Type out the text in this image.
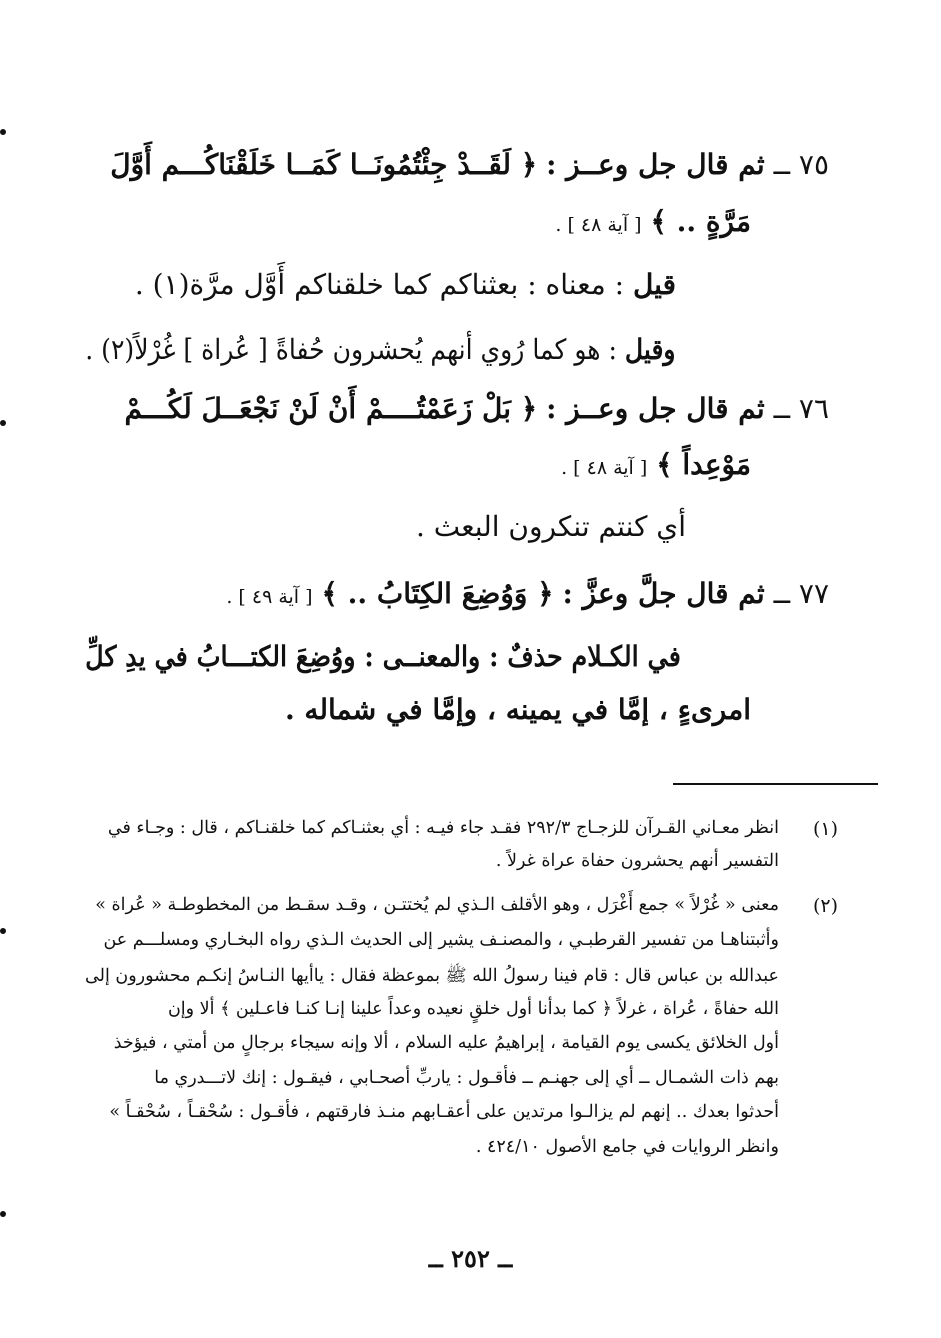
٧٥ ــ ثم قال جل وعــز : ﴿ لَقَــدْ جِئْتُمُونَــا كَمَــا خَلَقْنَاكُـــم أَوَّلَ
مَرَّةٍ .. ﴾ [ آية ٤٨ ] .
قيل : معناه : بعثناكم كما خلقناكم أَوَّل مرَّة(١) .
وقيل : هو كما رُوي أنهم يُحشرون حُفاةً [ عُراة ] غُرْلاً(٢) .
٧٦ ــ ثم قال جل وعــز : ﴿ بَلْ زَعَمْتُــــمْ أَنْ لَنْ نَجْعَــلَ لَكُـــمْ
مَوْعِداً ﴾ [ آية ٤٨ ] .
أي كنتم تنكرون البعث .
٧٧ ــ ثم قال جلَّ وعزَّ : ﴿ وَوُضِعَ الكِتَابُ .. ﴾ [ آية ٤٩ ] .
في الكـلام حذفٌ : والمعنــى : ووُضِعَ الكتـــابُ في يدِ كلِّ
امرىءٍ ، إمَّا في يمينه ، وإمَّا في شماله .
(١)
انظر معـاني القـرآن للزجـاج ٢٩٢/٣ فقـد جاء فيـه : أي بعثنـاكم كما خلقنـاكم ، قال : وجـاء في
التفسير أنهم يحشرون حفاة عراة غرلاً .
(٢)
معنى « غُرْلاً » جمع أَغْرَل ، وهو الأقلف الـذي لم يُختتـن ، وقـد سقـط من المخطوطـة « عُراة »
وأثبتناهـا من تفسير القرطبـي ، والمصنـف يشير إلى الحديث الـذي رواه البخـاري ومسلـــم عن
عبدالله بن عباس قال : قام فينا رسولُ الله ﷺ بموعظة فقال : ياأيها النـاسُ إنكـم محشورون إلى
الله حفاةً ، عُراة ، غرلاً ﴿ كما بدأنا أول خلقٍ نعيده وعداً علينا إنـا كنـا فاعـلين ﴾ ألا وإن
أول الخلائق يكسى يوم القيامة ، إبراهيمُ عليه السلام ، ألا وإنه سيجاء برجالٍ من أمتي ، فيؤخذ
بهم ذات الشمـال ــ أي إلى جهنـم ــ فأقـول : ياربِّ أصحـابي ، فيقـول : إنك لاتـــدري ما
أحدثوا بعدك .. إنهم لم يزالـوا مرتدين على أعقـابهم منـذ فارقتهم ، فأقـول : سُحْقـاً ، سُحْقـاً »
وانظر الروايات في جامع الأصول ٤٢٤/١٠ .
ــ ٢٥٢ ــ
